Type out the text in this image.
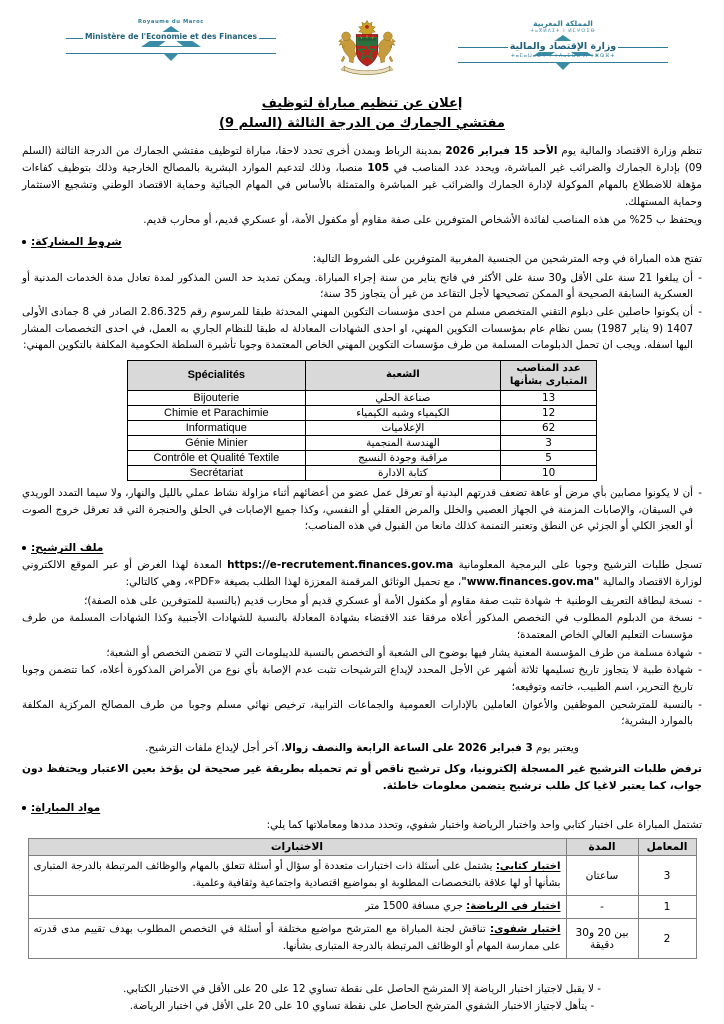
Royaume du Maroc
Ministère de l'Economie et des Finances
المملكة المغربية
ⵜⴰⴳⵍⴷⵉⵜ ⵏ ⵍⵎⵖⵔⵉⴱ
وزارة الإقتصاد والمالية
ⵜⴰⵎⴰⵡⴰⵙⵜ ⵏ ⵜⴷⴰⵎⵙⴰ ⴷ ⵜⵥⵕⴼⵜ
إعلان عن تنظيم مباراة لتوظيف
مفتشي الجمارك من الدرجة الثالثة (السلم 9)

تنظم وزارة الاقتصاد والمالية يوم الأحد 15 فبراير 2026 بمدينة الرباط وبمدن أخرى تحدد لاحقا، مباراة لتوظيف مفتشي الجمارك من الدرجة الثالثة (السلم 09) بإدارة الجمارك والضرائب غير المباشرة، ويحدد عدد المناصب في 105 منصبا، وذلك لتدعيم الموارد البشرية بالمصالح الخارجية وذلك بتوظيف كفاءات مؤهلة للاضطلاع بالمهام الموكولة لإدارة الجمارك والضرائب غير المباشرة والمتمثلة بالأساس في المهام الجبائية وحماية الاقتصاد الوطني وتشجيع الاستثمار وحماية المستهلك.

ويحتفظ ب 25% من هذه المناصب لفائدة الأشخاص المتوفرين على صفة مقاوم أو مكفول الأمة، أو عسكري قديم، أو محارب قديم.

شروط المشاركة:

تفتح هذه المباراة في وجه المترشحين من الجنسية المغربية المتوفرين على الشروط التالية:

- أن يبلغوا 21 سنة على الأقل و30 سنة على الأكثر في فاتح يناير من سنة إجراء المباراة. ويمكن تمديد حد السن المذكور لمدة تعادل مدة الخدمات المدنية أو العسكرية السابقة الصحيحة أو الممكن تصحيحها لأجل التقاعد من غير أن يتجاوز 35 سنة؛

- أن يكونوا حاصلين على دبلوم التقني المتخصص مسلم من احدى مؤسسات التكوين المهني المحدثة طبقا للمرسوم رقم 2.86.325 الصادر في 8 جمادى الأولى 1407 (9 يناير 1987) بسن نظام عام بمؤسسات التكوين المهني، او احدى الشهادات المعادلة له طبقا للنظام الجاري به العمل، في احدى التخصصات المشار اليها اسفله. ويجب ان تحمل الدبلومات المسلمة من طرف مؤسسات التكوين المهني الخاص المعتمدة وجوبا تأشيرة السلطة الحكومية المكلفة بالتكوين المهني:

عدد المناصب المتبارى بشأنها	الشعبة	Spécialités
13	صناعة الحلي	Bijouterie
12	الكيمياء وشبه الكيمياء	Chimie et Parachimie
62	الإعلاميات	Informatique
3	الهندسة المنجمية	Génie Minier
5	مراقبة وجودة النسيج	Contrôle et Qualité Textile
10	كتابة الادارة	Secrétariat

- أن لا يكونوا مصابين بأي مرض أو عاهة تضعف قدرتهم البدنية أو تعرقل عمل عضو من أعضائهم أثناء مزاولة نشاط عملي بالليل والنهار، ولا سيما التمدد الوريدي في السيقان، والإصابات المزمنة في الجهاز العصبي والخلل والمرض العقلي أو النفسي، وكذا جميع الإصابات في الحلق والحنجرة التي قد تعرقل خروج الصوت أو العجز الكلي أو الجزئي عن النطق وتعتبر التمنمة كذلك مانعا من القبول في هذه المناصب؛

ملف الترشيح:

تسجل طلبات الترشيح وجوبا على البرمجية المعلومانية https://e-recrutement.finances.gov.ma المعدة لهذا الغرض أو عبر الموقع الالكتروني لوزارة الاقتصاد والمالية "www.finances.gov.ma"، مع تحميل الوثائق المرقمنة المعززة لهذا الطلب بصيغة «PDF»، وهي كالتالي:

- نسخة لبطاقة التعريف الوطنية + شهادة تثبت صفة مقاوم أو مكفول الأمة أو عسكري قديم أو محارب قديم (بالنسبة للمتوفرين على هذه الصفة)؛

- نسخة من الدبلوم المطلوب في التخصص المذكور أعلاه مرفقا عند الاقتضاء بشهادة المعادلة بالنسبة للشهادات الأجنبية وكذا الشهادات المسلمة من طرف مؤسسات التعليم العالي الخاص المعتمدة؛

- شهادة مسلمة من طرف المؤسسة المعنية يشار فيها بوضوح الى الشعبة أو التخصص بالنسبة للديبلومات التي لا تتضمن التخصص أو الشعبة؛

- شهادة طبية لا يتجاوز تاريخ تسليمها ثلاثة أشهر عن الأجل المحدد لإيداع الترشيحات تثبت عدم الإصابة بأي نوع من الأمراض المذكورة أعلاه، كما تتضمن وجوبا تاريخ التحرير، اسم الطبيب، خاتمه وتوقيعه؛

- بالنسبة للمترشحين الموظفين والأعوان العاملين بالإدارات العمومية والجماعات الترابية، ترخيص نهائي مسلم وجوبا من طرف المصالح المركزية المكلفة بالموارد البشرية؛

ويعتبر يوم 3 فبراير 2026 على الساعة الرابعة والنصف زوالا، آخر أجل لإيداع ملفات الترشيح.

ترفض طلبات الترشيح غير المسجلة إلكترونيا، وكل ترشيح ناقص أو تم تحميله بطريقة غير صحيحة لن يؤخذ بعين الاعتبار ويحتفظ دون جواب، كما يعتبر لاغيا كل طلب ترشيح يتضمن معلومات خاطئة.

مواد المباراة:

تشتمل المباراة على اختبار كتابي واحد واختبار الرياضة واختبار شفوي، وتحدد مددها ومعاملاتها كما يلي:

المعامل	المدة	الاختبارات
3	ساعتان	اختبار كتابي: يشتمل على أسئلة ذات اختبارات متعددة أو سؤال أو أسئلة تتعلق بالمهام والوظائف المرتبطة بالدرجة المتبارى بشأنها أو لها علاقة بالتخصصات المطلوبة او بمواضيع اقتصادية واجتماعية وثقافية وعلمية.
1	-	اختبار في الرياضة: جري مسافة 1500 متر
2	بين 20 و30 دقيقة	اختبار شفوي: تناقش لجنة المباراة مع المترشح مواضيع مختلفة أو أسئلة في التخصص المطلوب بهدف تقييم مدى قدرته على ممارسة المهام أو الوظائف المرتبطة بالدرجة المتبارى بشأنها.
- لا يقبل لاجتياز اختبار الرياضة إلا المترشح الحاصل على نقطة تساوي 12 على 20 على الأقل في الاختبار الكتابي.
- يتأهل لاجتياز الاختبار الشفوي المترشح الحاصل على نقطة تساوي 10 على 20 على الأقل في اختبار الرياضة.
